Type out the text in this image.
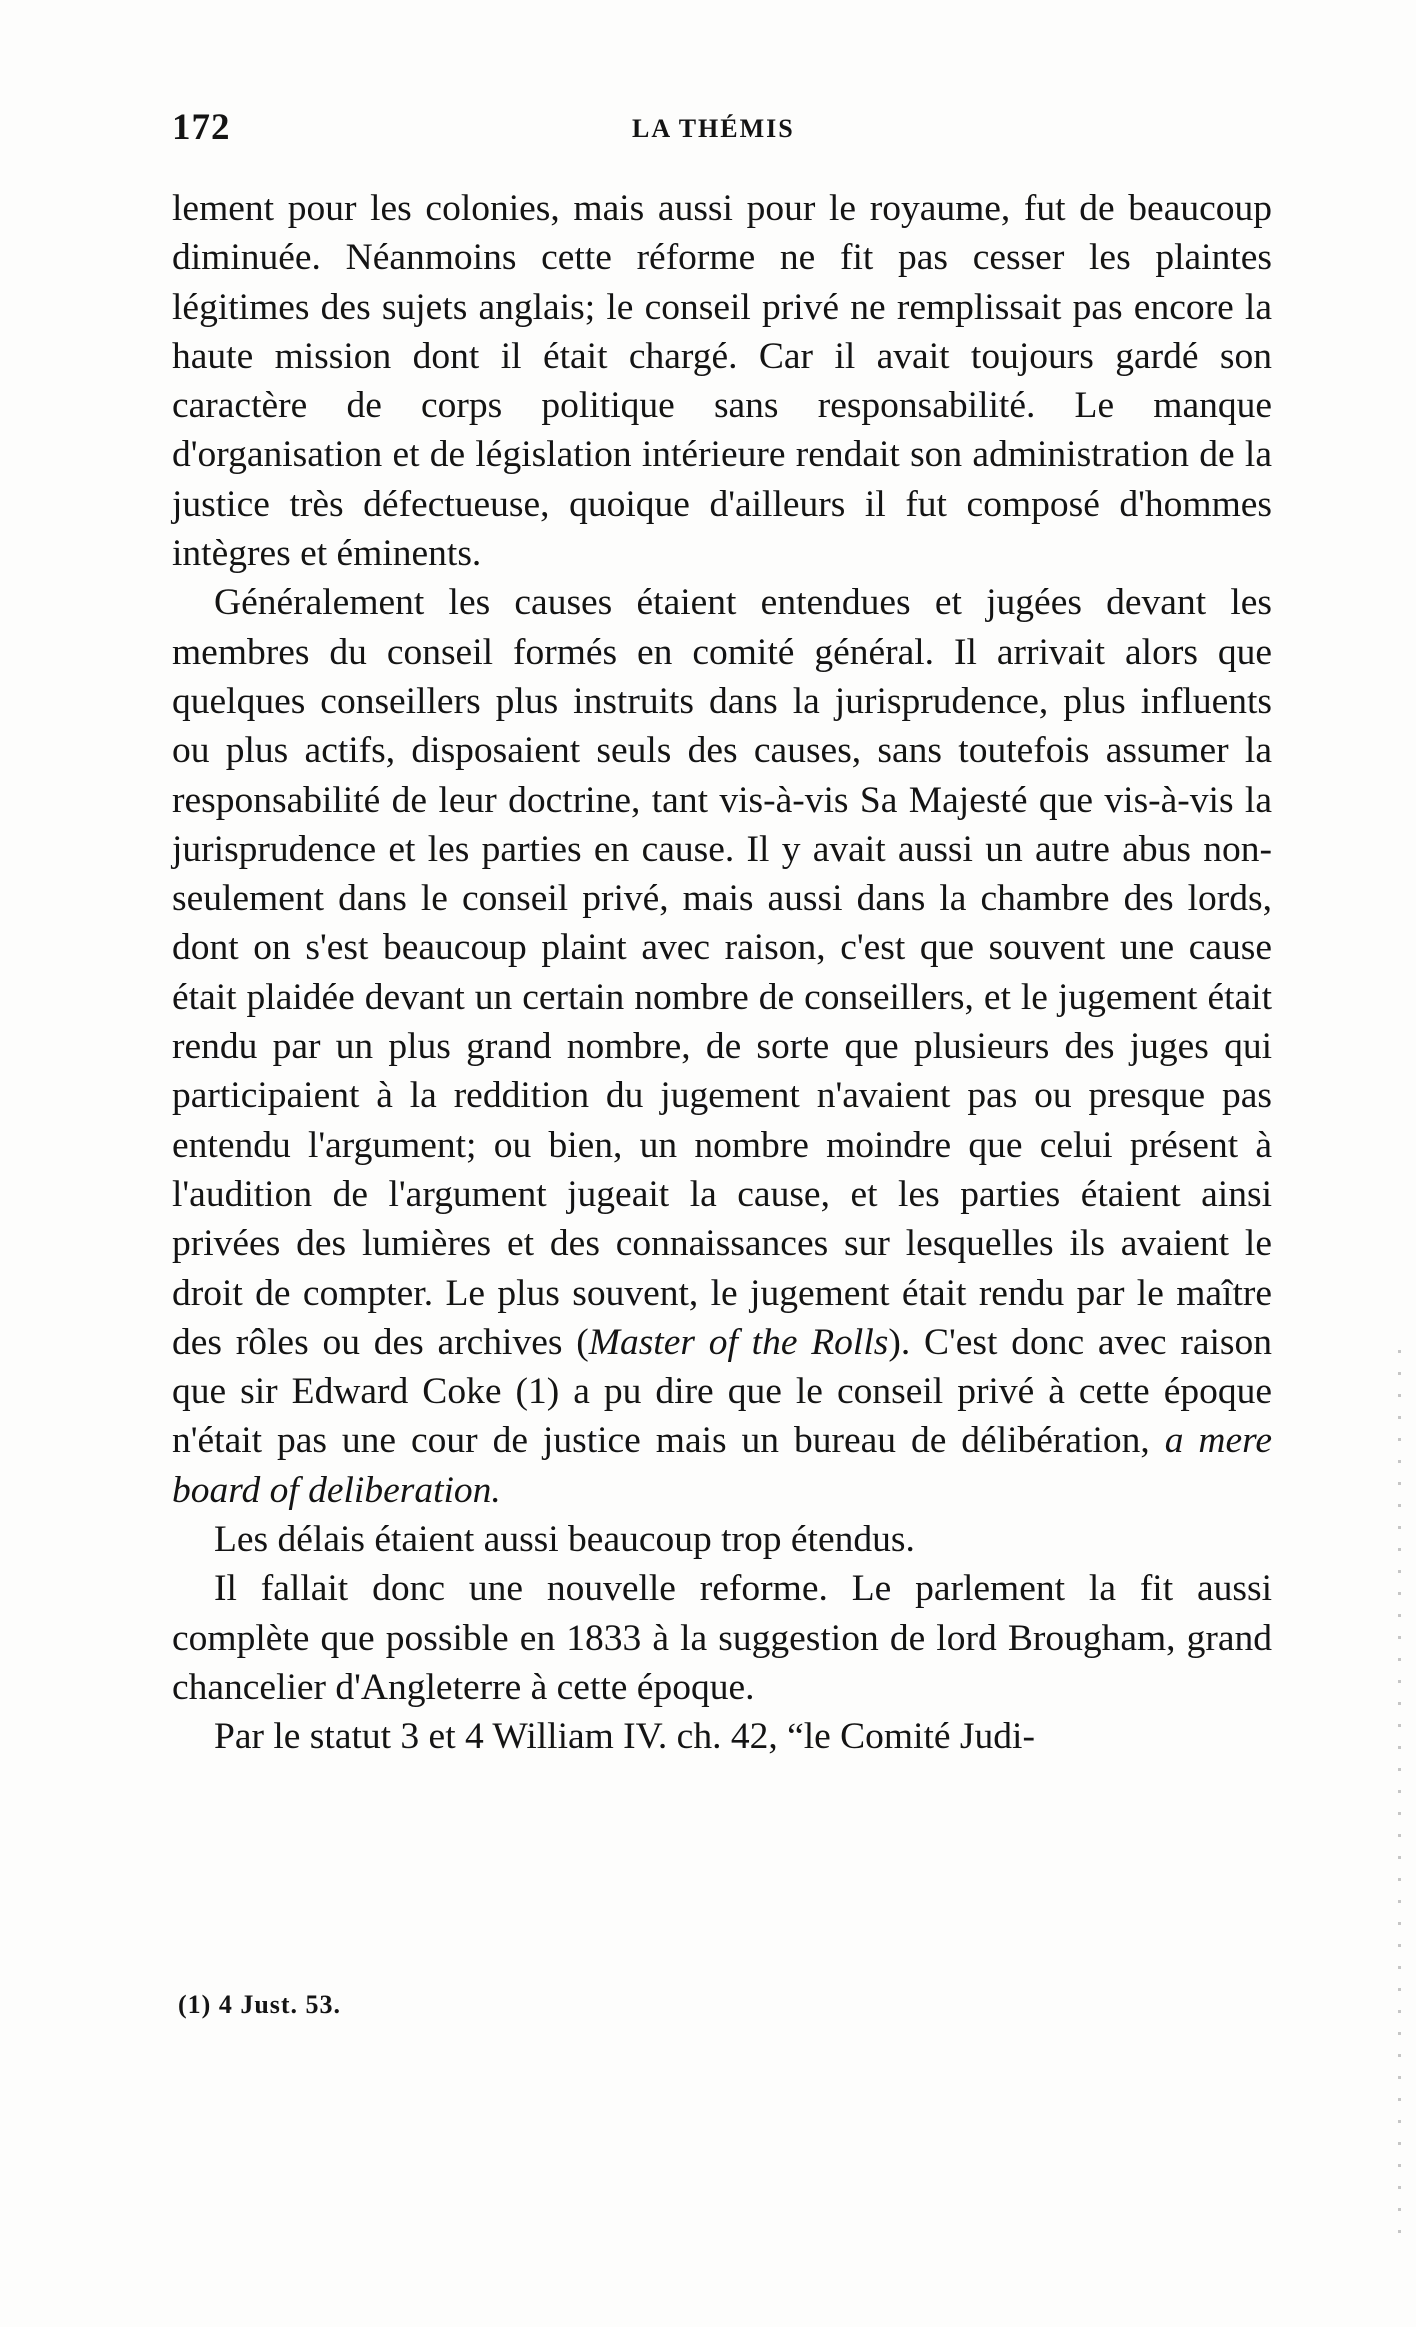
172	LA THÉMIS

lement pour les colonies, mais aussi pour le royaume, fut de beaucoup diminuée. Néanmoins cette réforme ne fit pas cesser les plaintes légitimes des sujets anglais; le conseil privé ne remplissait pas encore la haute mission dont il était chargé. Car il avait toujours gardé son caractère de corps politique sans responsabilité. Le manque d'organisation et de législation intérieure rendait son administration de la justice très défectueuse, quoique d'ailleurs il fut composé d'hommes intègres et éminents.

Généralement les causes étaient entendues et jugées devant les membres du conseil formés en comité général. Il arrivait alors que quelques conseillers plus instruits dans la jurisprudence, plus influents ou plus actifs, disposaient seuls des causes, sans toutefois assumer la responsabilité de leur doctrine, tant vis-à-vis Sa Majesté que vis-à-vis la jurisprudence et les parties en cause. Il y avait aussi un autre abus non-seulement dans le conseil privé, mais aussi dans la chambre des lords, dont on s'est beaucoup plaint avec raison, c'est que souvent une cause était plaidée devant un certain nombre de conseillers, et le jugement était rendu par un plus grand nombre, de sorte que plusieurs des juges qui participaient à la reddition du jugement n'avaient pas ou presque pas entendu l'argument; ou bien, un nombre moindre que celui présent à l'audition de l'argument jugeait la cause, et les parties étaient ainsi privées des lumières et des connaissances sur lesquelles ils avaient le droit de compter. Le plus souvent, le jugement était rendu par le maître des rôles ou des archives (Master of the Rolls). C'est donc avec raison que sir Edward Coke (1) a pu dire que le conseil privé à cette époque n'était pas une cour de justice mais un bureau de délibération, a mere board of deliberation.

Les délais étaient aussi beaucoup trop étendus.

Il fallait donc une nouvelle reforme. Le parlement la fit aussi complète que possible en 1833 à la suggestion de lord Brougham, grand chancelier d'Angleterre à cette époque.

Par le statut 3 et 4 William IV. ch. 42, “le Comité Judi-

(1) 4 Just. 53.
